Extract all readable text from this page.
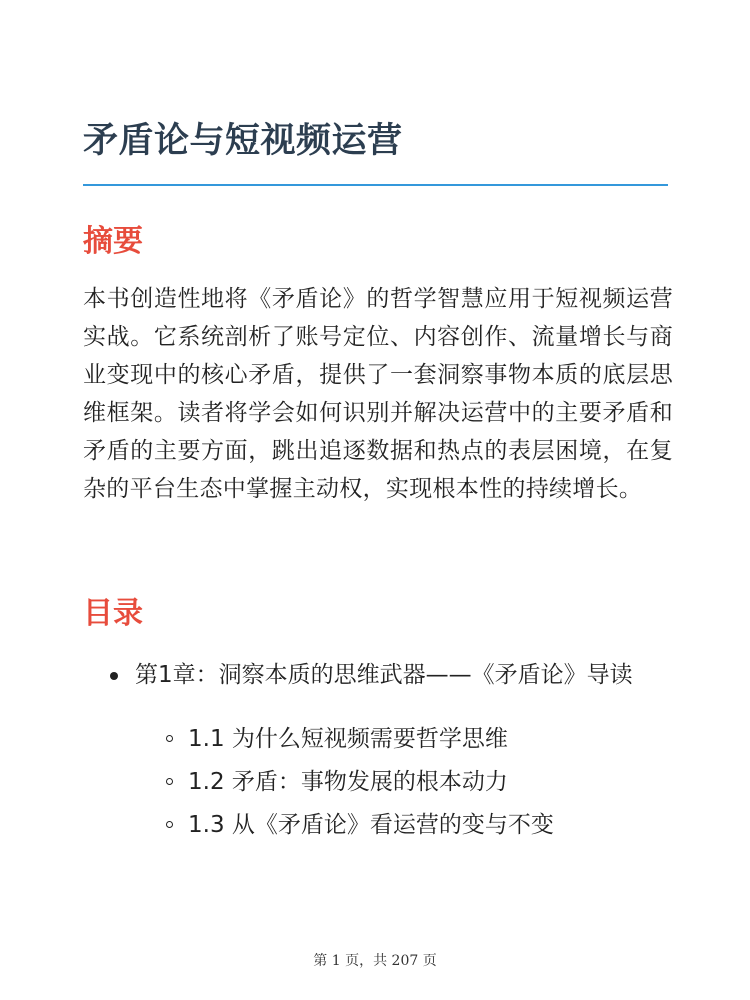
矛盾论与短视频运营
摘要

本书创造性地将《矛盾论》的哲学智慧应用于短视频运营实战。它系统剖析了账号定位、内容创作、流量增长与商业变现中的核心矛盾，提供了一套洞察事物本质的底层思维框架。读者将学会如何识别并解决运营中的主要矛盾和矛盾的主要方面，跳出追逐数据和热点的表层困境，在复杂的平台生态中掌握主动权，实现根本性的持续增长。

目录
第1章：洞察本质的思维武器——《矛盾论》导读
1.1 为什么短视频需要哲学思维
1.2 矛盾：事物发展的根本动力
1.3 从《矛盾论》看运营的变与不变
第 1 页，共 207 页
